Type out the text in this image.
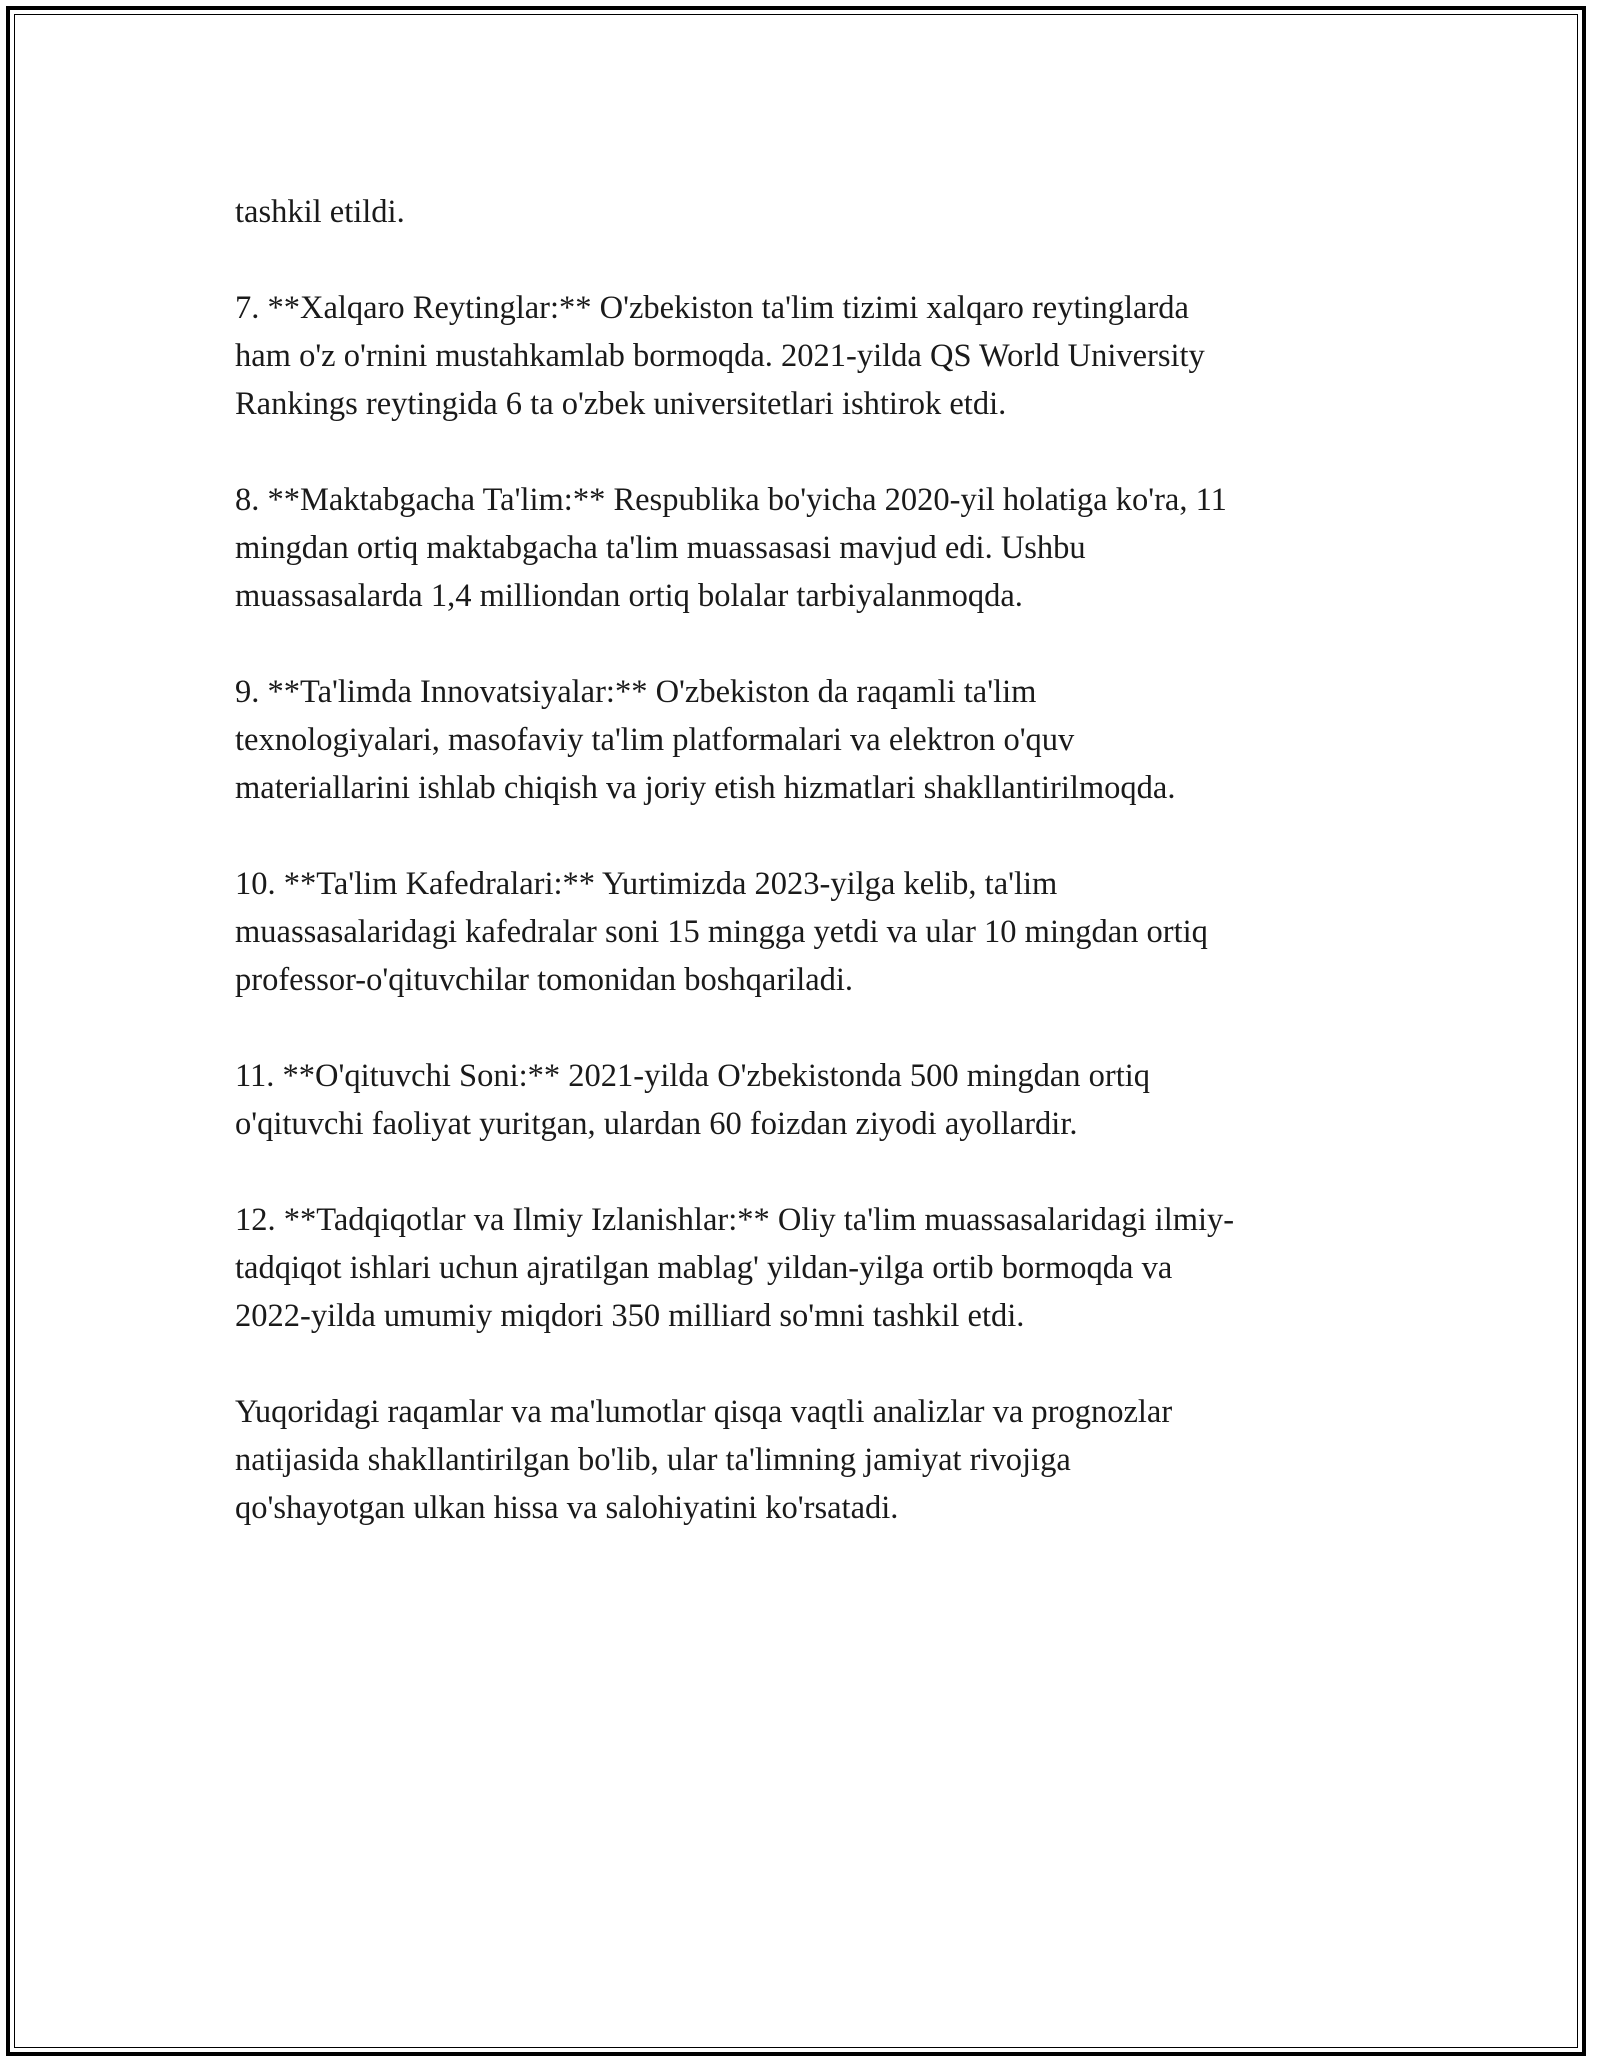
tashkil etildi.

7. **Xalqaro Reytinglar:** O'zbekiston ta'lim tizimi xalqaro reytinglarda
ham o'z o'rnini mustahkamlab bormoqda. 2021-yilda QS World University
Rankings reytingida 6 ta o'zbek universitetlari ishtirok etdi.

8. **Maktabgacha Ta'lim:** Respublika bo'yicha 2020-yil holatiga ko'ra, 11
mingdan ortiq maktabgacha ta'lim muassasasi mavjud edi. Ushbu
muassasalarda 1,4 milliondan ortiq bolalar tarbiyalanmoqda.

9. **Ta'limda Innovatsiyalar:** O'zbekiston da raqamli ta'lim
texnologiyalari, masofaviy ta'lim platformalari va elektron o'quv
materiallarini ishlab chiqish va joriy etish hizmatlari shakllantirilmoqda.

10. **Ta'lim Kafedralari:** Yurtimizda 2023-yilga kelib, ta'lim
muassasalaridagi kafedralar soni 15 mingga yetdi va ular 10 mingdan ortiq
professor-o'qituvchilar tomonidan boshqariladi.

11. **O'qituvchi Soni:** 2021-yilda O'zbekistonda 500 mingdan ortiq
o'qituvchi faoliyat yuritgan, ulardan 60 foizdan ziyodi ayollardir.

12. **Tadqiqotlar va Ilmiy Izlanishlar:** Oliy ta'lim muassasalaridagi ilmiy-
tadqiqot ishlari uchun ajratilgan mablag' yildan-yilga ortib bormoqda va
2022-yilda umumiy miqdori 350 milliard so'mni tashkil etdi.

Yuqoridagi raqamlar va ma'lumotlar qisqa vaqtli analizlar va prognozlar
natijasida shakllantirilgan bo'lib, ular ta'limning jamiyat rivojiga
qo'shayotgan ulkan hissa va salohiyatini ko'rsatadi.
